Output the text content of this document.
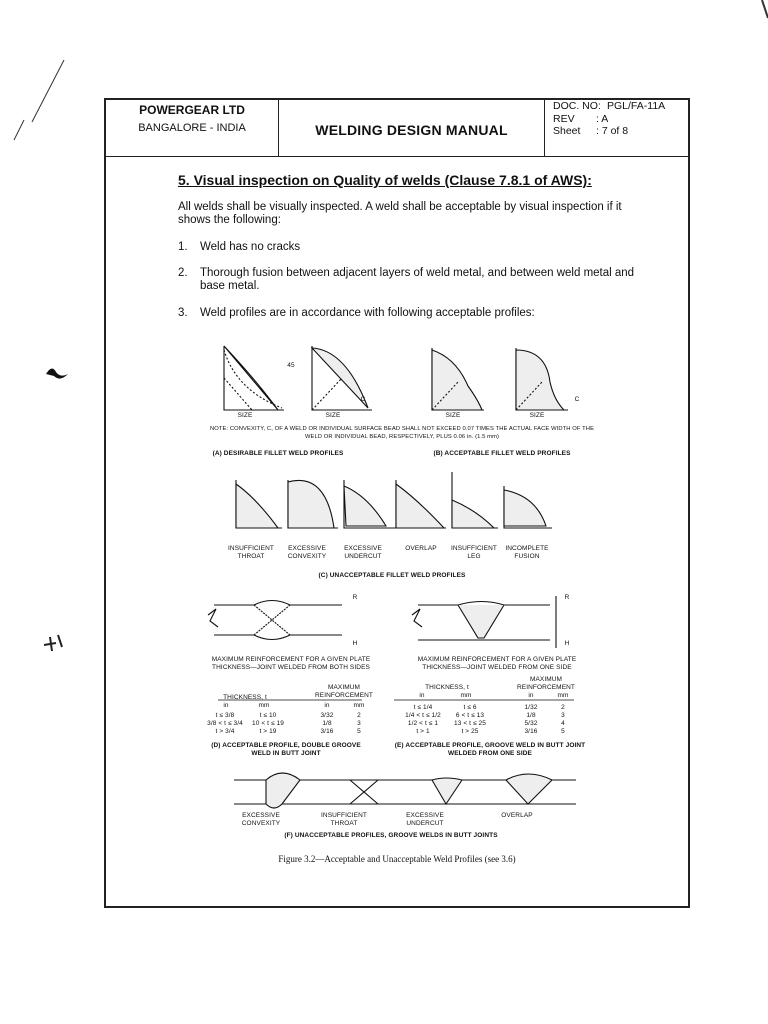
POWERGEAR LTD
BANGALORE - INDIA	WELDING DESIGN MANUAL
DOC. NO: PGL/FA-11A
REV : A
Sheet : 7 of 8
5. Visual inspection on Quality of welds (Clause 7.8.1 of AWS):
All welds shall be visually inspected. A weld shall be acceptable by visual inspection if it shows the following:
1. Weld has no cracks
2. Thorough fusion between adjacent layers of weld metal, and between weld metal and base metal.
3. Weld profiles are in accordance with following acceptable profiles:
NOTE: CONVEXITY, C, OF A WELD OR INDIVIDUAL SURFACE BEAD SHALL NOT EXCEED 0.07 TIMES THE ACTUAL FACE WIDTH OF THE WELD OR INDIVIDUAL BEAD, RESPECTIVELY, PLUS 0.06 in. (1.5 mm)
(A) DESIRABLE FILLET WELD PROFILES	(B) ACCEPTABLE FILLET WELD PROFILES
SIZE	SIZE	SIZE	SIZE
45
C
C
INSUFFICIENT THROAT
EXCESSIVE CONVEXITY
EXCESSIVE UNDERCUT
OVERLAP	INSUFFICIENT LEG
INCOMPLETE FUSION
(C) UNACCEPTABLE FILLET WELD PROFILES
R
H
R
H
MAXIMUM REINFORCEMENT FOR A GIVEN PLATE THICKNESS—JOINT WELDED FROM BOTH SIDES
MAXIMUM REINFORCEMENT FOR A GIVEN PLATE THICKNESS—JOINT WELDED FROM ONE SIDE
THICKNESS, t
MAXIMUM REINFORCEMENT
in	mm	in	mm
t ≤ 3/8	t ≤ 10	3/32	2
3/8 < t ≤ 3/4	10 < t ≤ 19	1/8	3
t > 3/4	t > 19	3/16	5
THICKNESS, t
MAXIMUM REINFORCEMENT
in	mm	in	mm
t ≤ 1/4	t ≤ 6	1/32	2
1/4 < t ≤ 1/2	6 < t ≤ 13	1/8	3
1/2 < t ≤ 1	13 < t ≤ 25	5/32	4
t > 1	t > 25	3/16	5
(D) ACCEPTABLE PROFILE, DOUBLE GROOVE WELD IN BUTT JOINT
(E) ACCEPTABLE PROFILE, GROOVE WELD IN BUTT JOINT WELDED FROM ONE SIDE
EXCESSIVE CONVEXITY
INSUFFICIENT THROAT
EXCESSIVE UNDERCUT
OVERLAP
(F) UNACCEPTABLE PROFILES, GROOVE WELDS IN BUTT JOINTS
Figure 3.2—Acceptable and Unacceptable Weld Profiles (see 3.6)
